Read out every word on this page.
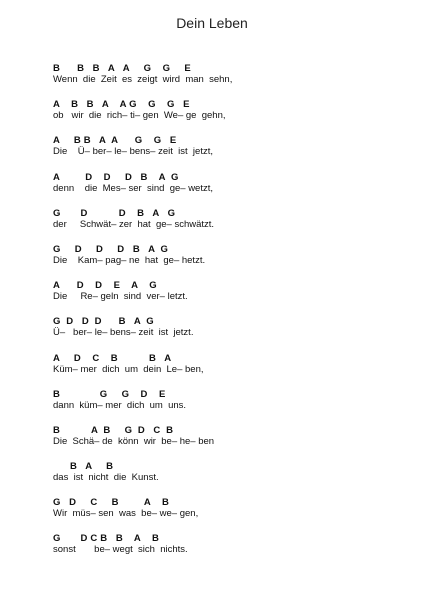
Dein Leben
B      B   B   A   A     G    G     E
Wenn  die  Zeit  es  zeigt  wird  man  sehn,
A    B   B   A    A G    G    G   E
ob   wir  die  rich– ti– gen  We– ge  gehn,
A     B B   A  A      G    G   E
Die    Ü– ber– le– bens– zeit  ist  jetzt,
A         D    D     D   B    A  G
denn    die  Mes– ser  sind  ge– wetzt,
G       D           D    B   A   G
der     Schwät– zer  hat  ge– schwätzt.
G     D     D     D   B   A  G
Die    Kam– pag– ne  hat  ge– hetzt.
A      D    D    E    A    G
Die     Re– geln  sind  ver– letzt.
G  D   D  D      B   A  G
Ü–   ber– le– bens– zeit  ist  jetzt.
A     D    C    B           B   A
Küm– mer  dich  um  dein  Le– ben,
B              G     G    D    E
dann  küm– mer  dich  um  uns.
B           A  B     G  D   C  B
Die  Schä– de  könn  wir  be– he– ben
B   A     B
das  ist  nicht  die  Kunst.
G   D     C     B         A    B
Wir  müs– sen  was  be– we– gen,
G       D C B   B    A    B
sonst       be– wegt  sich  nichts.
